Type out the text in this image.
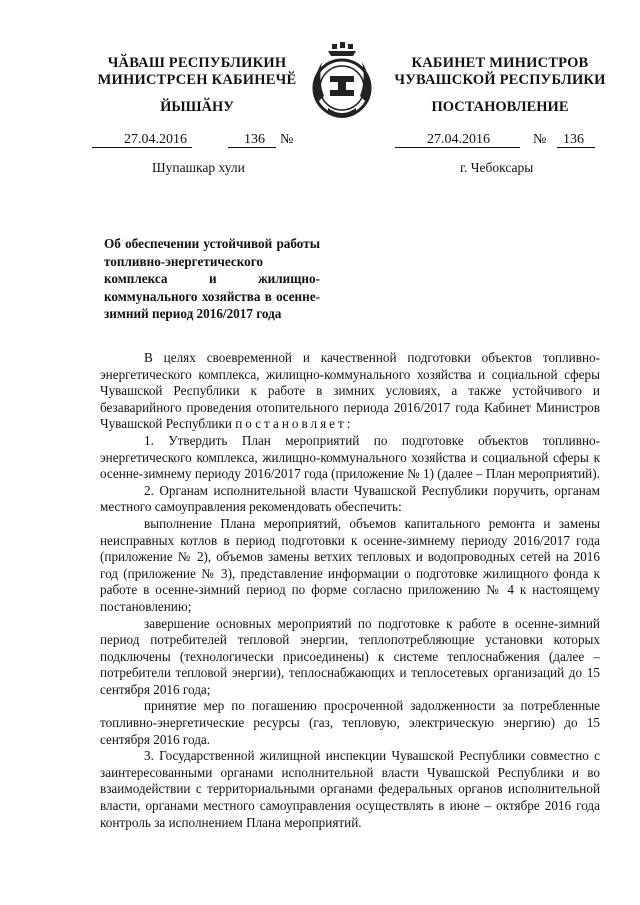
ЧӐВАШ РЕСПУБЛИКИН
МИНИСТРСЕН КАБИНЕЧӖ
ЙЫШӐНУ
КАБИНЕТ МИНИСТРОВ
ЧУВАШСКОЙ РЕСПУБЛИКИ
ПОСТАНОВЛЕНИЕ
27.04.2016	136 №	27.04.2016	№ 136
Шупашкар хули	г. Чебоксары
Об обеспечении устойчивой работы топливно-энергетического комплекса и жилищно-коммунального хозяйства в осенне-зимний период 2016/2017 года

В целях своевременной и качественной подготовки объектов топливно-энергетического комплекса, жилищно-коммунального хозяйства и социальной сферы Чувашской Республики к работе в зимних условиях, а также устойчивого и безаварийного проведения отопительного периода 2016/2017 года Кабинет Министров Чувашской Республики постановляет:

1. Утвердить План мероприятий по подготовке объектов топливно-энергетического комплекса, жилищно-коммунального хозяйства и социальной сферы к осенне-зимнему периоду 2016/2017 года (приложение № 1) (далее – План мероприятий).

2. Органам исполнительной власти Чувашской Республики поручить, органам местного самоуправления рекомендовать обеспечить:

выполнение Плана мероприятий, объемов капитального ремонта и замены неисправных котлов в период подготовки к осенне-зимнему периоду 2016/2017 года (приложение № 2), объемов замены ветхих тепловых и водопроводных сетей на 2016 год (приложение № 3), представление информации о подготовке жилищного фонда к работе в осенне-зимний период по форме согласно приложению № 4 к настоящему постановлению;

завершение основных мероприятий по подготовке к работе в осенне-зимний период потребителей тепловой энергии, теплопотребляющие установки которых подключены (технологически присоединены) к системе теплоснабжения (далее – потребители тепловой энергии), теплоснабжающих и теплосетевых организаций до 15 сентября 2016 года;

принятие мер по погашению просроченной задолженности за потребленные топливно-энергетические ресурсы (газ, тепловую, электрическую энергию) до 15 сентября 2016 года.

3. Государственной жилищной инспекции Чувашской Республики совместно с заинтересованными органами исполнительной власти Чувашской Республики и во взаимодействии с территориальными органами федеральных органов исполнительной власти, органами местного самоуправления осуществлять в июне – октябре 2016 года контроль за исполнением Плана мероприятий.
